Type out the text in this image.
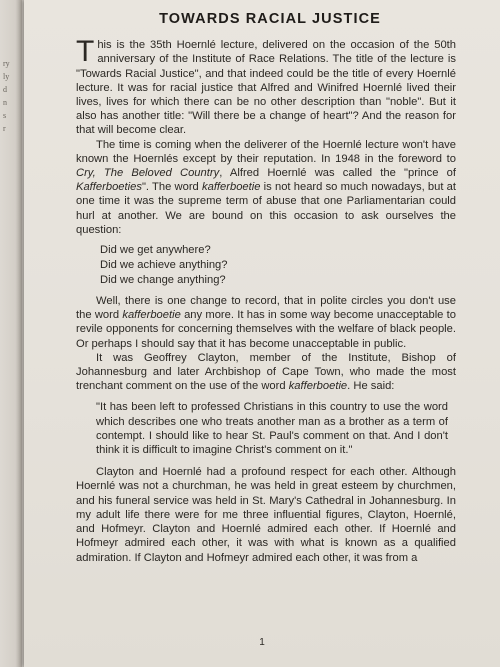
ry
ly
d
n
s
r
TOWARDS RACIAL JUSTICE

This is the 35th Hoernlé lecture, delivered on the occasion of the 50th anniversary of the Institute of Race Relations. The title of the lecture is "Towards Racial Justice", and that indeed could be the title of every Hoernlé lecture. It was for racial justice that Alfred and Winifred Hoernlé lived their lives, lives for which there can be no other description than "noble". But it also has another title: "Will there be a change of heart"? And the reason for that will become clear.

The time is coming when the deliverer of the Hoernlé lecture won't have known the Hoernlés except by their reputation. In 1948 in the foreword to Cry, The Beloved Country, Alfred Hoernlé was called the "prince of Kafferboeties". The word kafferboetie is not heard so much nowadays, but at one time it was the supreme term of abuse that one Parliamentarian could hurl at another. We are bound on this occasion to ask ourselves the question:

Did we get anywhere?
Did we achieve anything?
Did we change anything?

Well, there is one change to record, that in polite circles you don't use the word kafferboetie any more. It has in some way become unacceptable to revile opponents for concerning themselves with the welfare of black people. Or perhaps I should say that it has become unacceptable in public.

It was Geoffrey Clayton, member of the Institute, Bishop of Johannesburg and later Archbishop of Cape Town, who made the most trenchant comment on the use of the word kafferboetie. He said:

"It has been left to professed Christians in this country to use the word which describes one who treats another man as a brother as a term of contempt. I should like to hear St. Paul's comment on that. And I don't think it is difficult to imagine Christ's comment on it."

Clayton and Hoernlé had a profound respect for each other. Although Hoernlé was not a churchman, he was held in great esteem by churchmen, and his funeral service was held in St. Mary's Cathedral in Johannesburg. In my adult life there were for me three influential figures, Clayton, Hoernlé, and Hofmeyr. Clayton and Hoernlé admired each other. If Hoernlé and Hofmeyr admired each other, it was with what is known as a qualified admiration. If Clayton and Hofmeyr admired each other, it was from a

1
